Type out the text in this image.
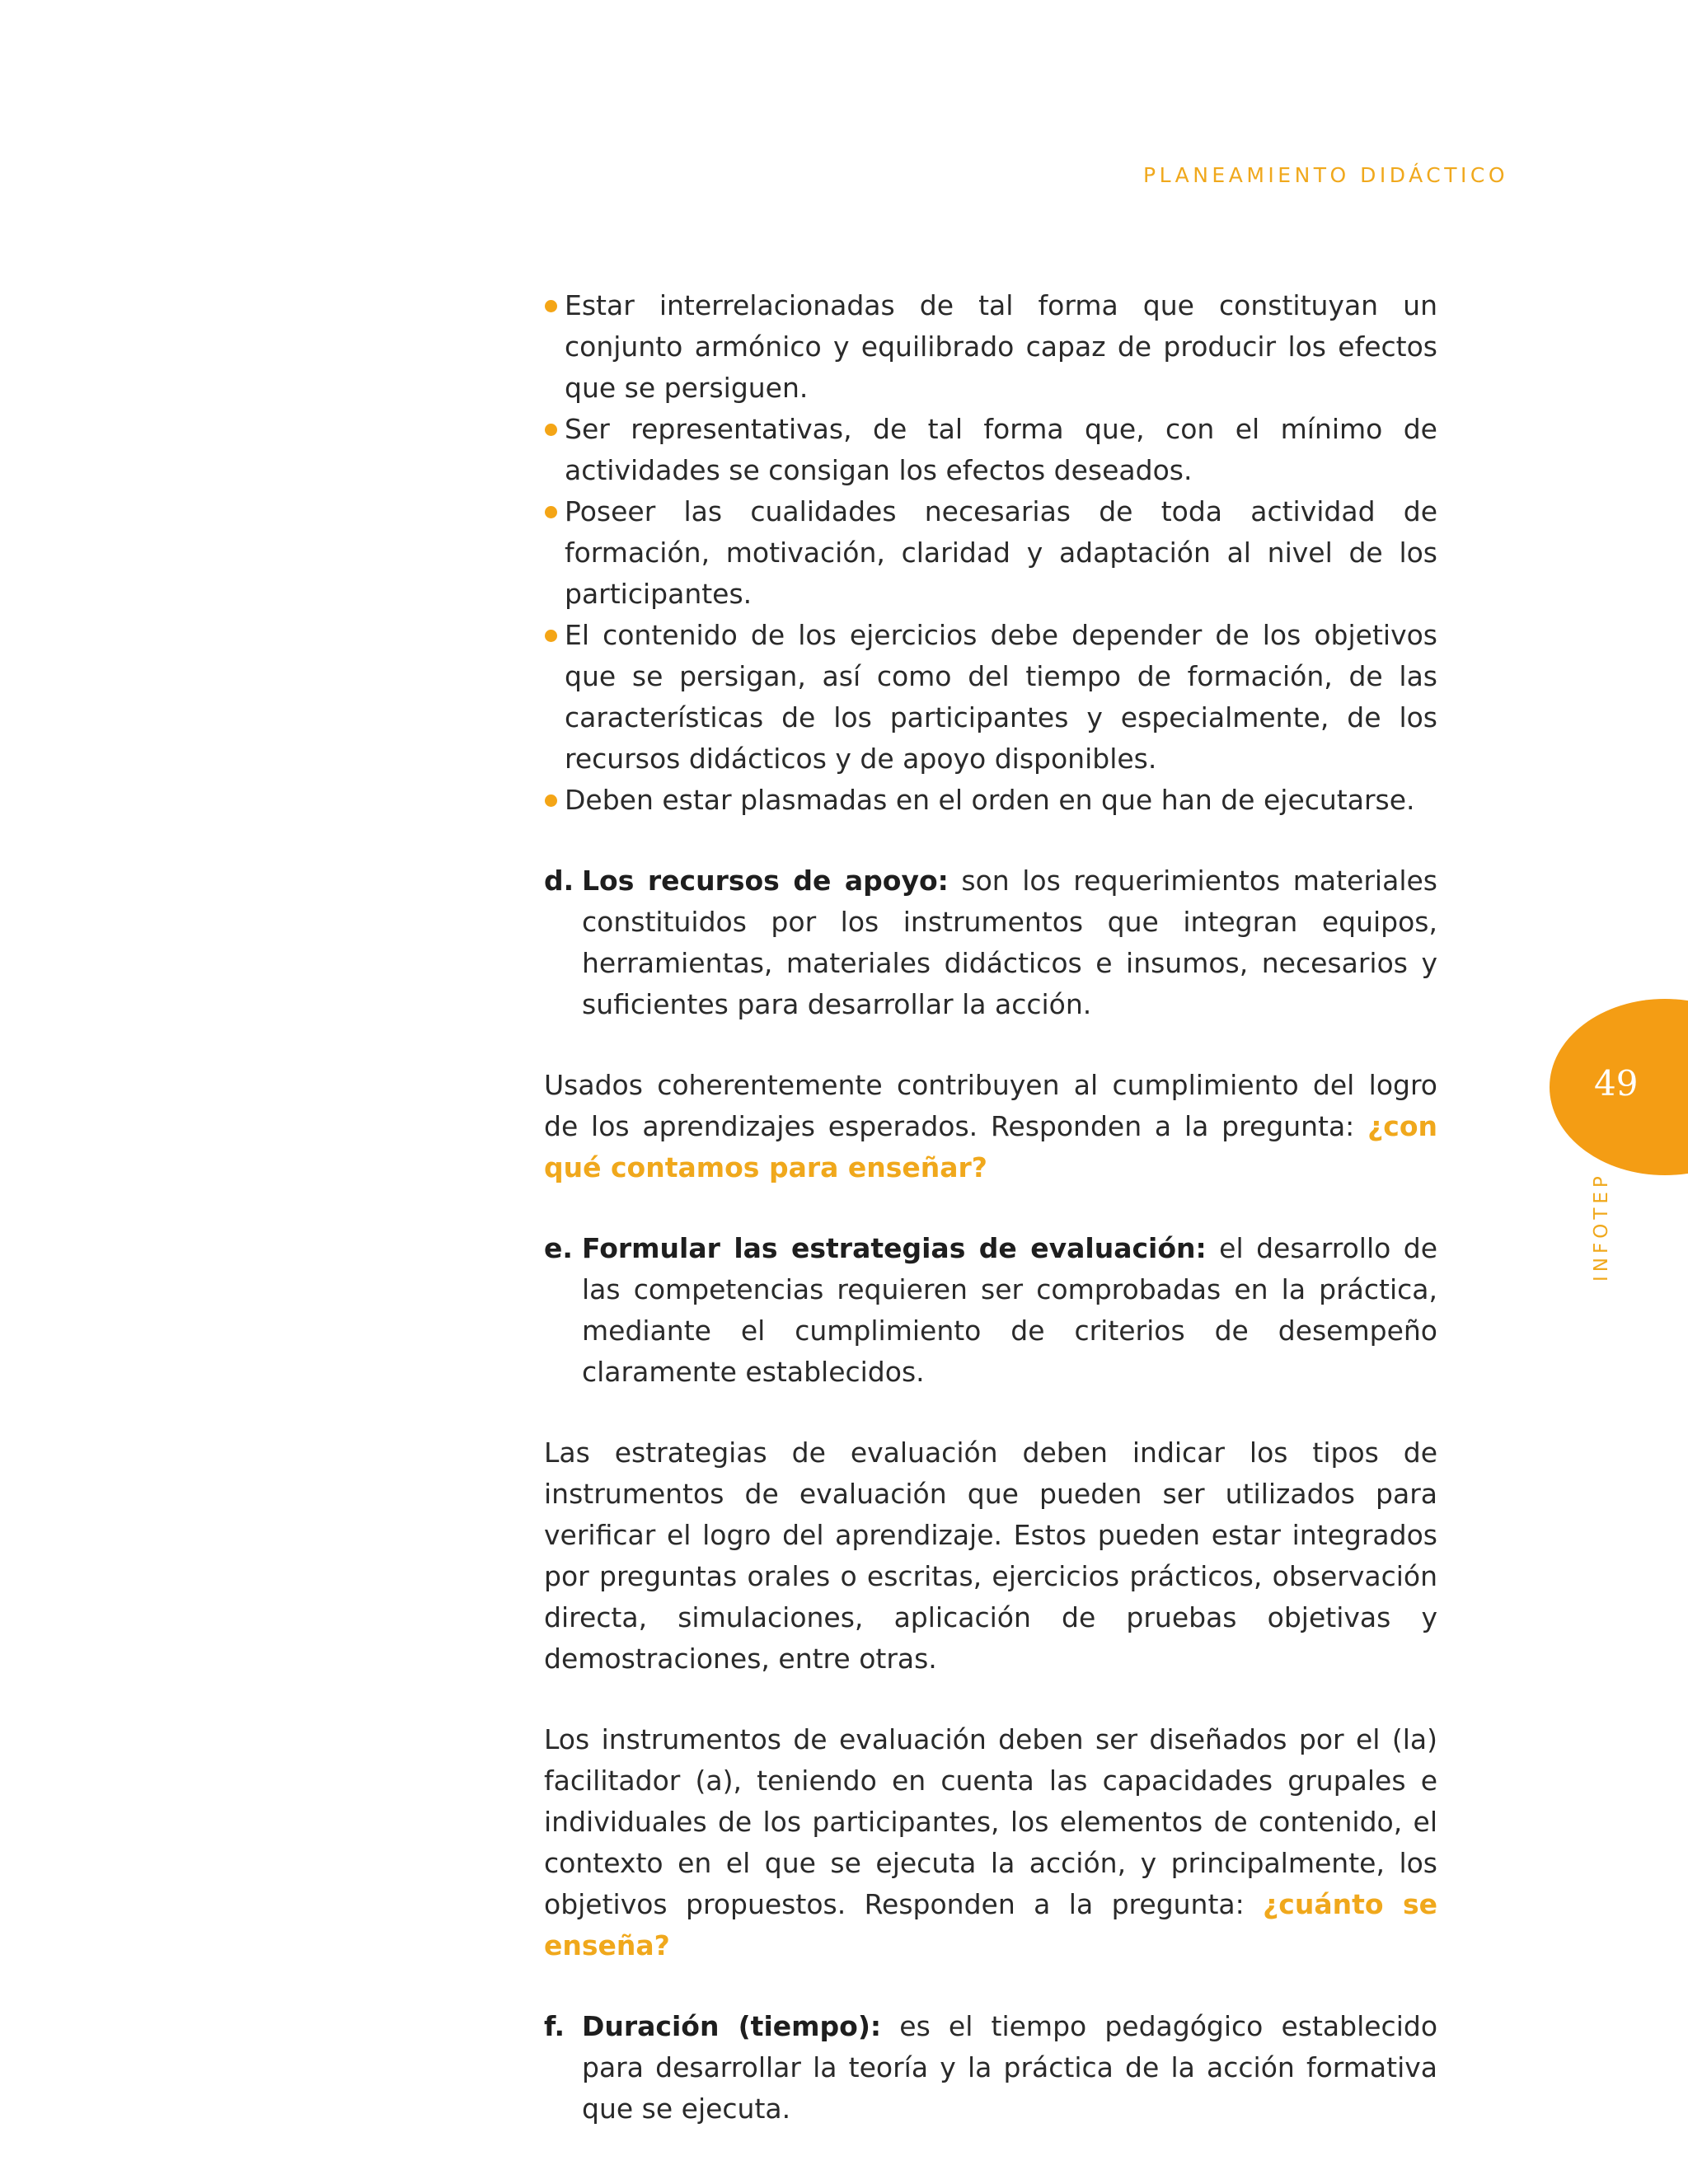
PLANEAMIENTO DIDÁCTICO
49
INFOTEP
Estar interrelacionadas de tal forma que constituyan un conjunto armónico y equilibrado capaz de producir los efectos que se persiguen.
Ser representativas, de tal forma que, con el mínimo de actividades se consigan los efectos deseados.
Poseer las cualidades necesarias de toda actividad de formación, motivación, claridad y adaptación al nivel de los participantes.
El contenido de los ejercicios debe depender de los objetivos que se persigan, así como del tiempo de formación, de las características de los participantes y especialmente, de los recursos didácticos y de apoyo disponibles.
Deben estar plasmadas en el orden en que han de ejecutarse.

d. Los recursos de apoyo: son los requerimientos materiales constituidos por los instrumentos que integran equipos, herramientas, materiales didácticos e insumos, necesarios y suficientes para desarrollar la acción.

Usados coherentemente contribuyen al cumplimiento del logro de los aprendizajes esperados. Responden a la pregunta: ¿con qué contamos para enseñar?

e. Formular las estrategias de evaluación: el desarrollo de las competencias requieren ser comprobadas en la práctica, mediante el cumplimiento de criterios de desempeño claramente establecidos.

Las estrategias de evaluación deben indicar los tipos de instrumentos de evaluación que pueden ser utilizados para verificar el logro del aprendizaje. Estos pueden estar integrados por preguntas orales o escritas, ejercicios prácticos, observación directa, simulaciones, aplicación de pruebas objetivas y demostraciones, entre otras.

Los instrumentos de evaluación deben ser diseñados por el (la) facilitador (a), teniendo en cuenta las capacidades grupales e individuales de los participantes, los elementos de contenido, el contexto en el que se ejecuta la acción, y principalmente, los objetivos propuestos. Responden a la pregunta: ¿cuánto se enseña?

f. Duración (tiempo): es el tiempo pedagógico establecido para desarrollar la teoría y la práctica de la acción formativa que se ejecuta.
